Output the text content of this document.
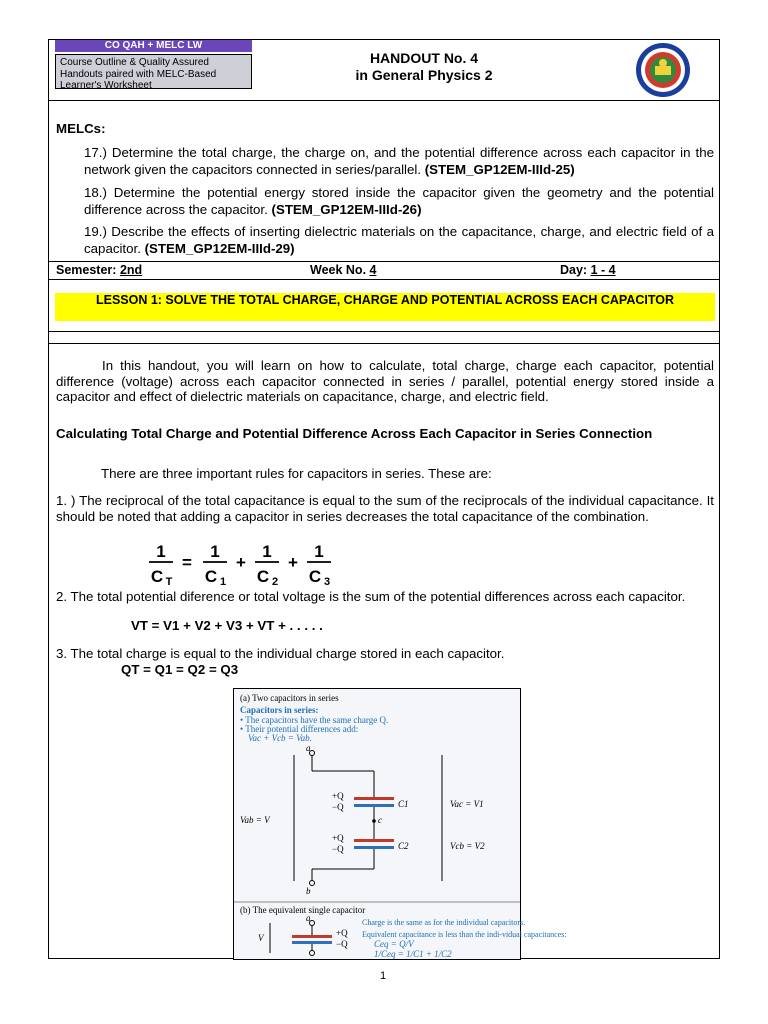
CO QAH + MELC LW
Course Outline & Quality Assured Handouts paired with MELC-Based Learner's Worksheet
HANDOUT No. 4
in General Physics 2
MELCs:
17.) Determine the total charge, the charge on, and the potential difference across each capacitor in the network given the capacitors connected in series/parallel. (STEM_GP12EM-IIId-25)
18.) Determine the potential energy stored inside the capacitor given the geometry and the potential difference across the capacitor. (STEM_GP12EM-IIId-26)
19.) Describe the effects of inserting dielectric materials on the capacitance, charge, and electric field of a capacitor. (STEM_GP12EM-IIId-29)
Semester: 2nd	Week No. 4	Day: 1 - 4
LESSON 1: SOLVE THE TOTAL CHARGE, CHARGE AND POTENTIAL ACROSS EACH CAPACITOR
In this handout, you will learn on how to calculate, total charge, charge each capacitor, potential difference (voltage) across each capacitor connected in series / parallel, potential energy stored inside a capacitor and effect of dielectric materials on capacitance, charge, and electric field.
Calculating Total Charge and Potential Difference Across Each Capacitor in Series Connection
There are three important rules for capacitors in series. These are:
1. ) The reciprocal of the total capacitance is equal to the sum of the reciprocals of the individual capacitance. It should be noted that adding a capacitor in series decreases the total capacitance of the combination.
1
C T
=
1
C 1
+
1
C 2
+
1
C 3
2. The total potential diference or total voltage is the sum of the potential differences across each capacitor.
VT = V1 + V2 + V3 + VT + . . . . .
3. The total charge is equal to the individual charge stored in each capacitor.
QT = Q1 = Q2 = Q3
(a) Two capacitors in series
Capacitors in series:
• The capacitors have the same charge Q.
• Their potential differences add:
Vac + Vcb = Vab.
a
+Q
−Q	C1
c
+Q
−Q	C2
b
Vab = V
Vac = V1
Vcb = V2
(b) The equivalent single capacitor
a
+Q
−Q
V
Charge is the same as for the individual capacitors.
Equivalent capacitance is less than the indi-vidual capacitances:
Ceq = Q/V
1/Ceq = 1/C1 + 1/C2
1
